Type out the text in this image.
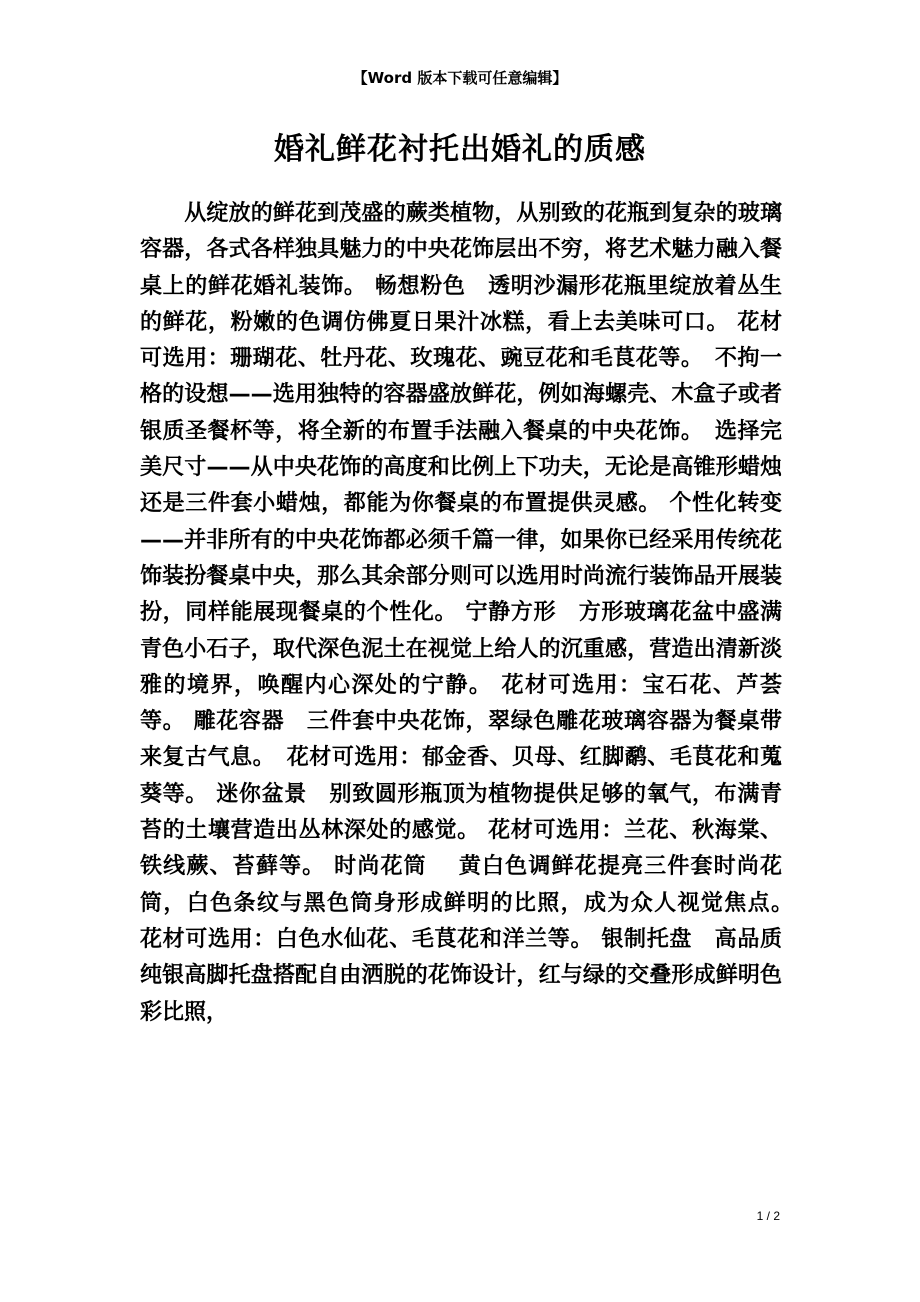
【Word 版本下载可任意编辑】
婚礼鲜花衬托出婚礼的质感

　　从绽放的鲜花到茂盛的蕨类植物，从别致的花瓶到复杂的玻璃容器，各式各样独具魅力的中央花饰层出不穷，将艺术魅力融入餐桌上的鲜花婚礼装饰。 畅想粉色　透明沙漏形花瓶里绽放着丛生的鲜花，粉嫩的色调仿佛夏日果汁冰糕，看上去美味可口。 花材可选用：珊瑚花、牡丹花、玫瑰花、豌豆花和毛茛花等。　不拘一格的设想——选用独特的容器盛放鲜花，例如海螺壳、木盒子或者银质圣餐杯等，将全新的布置手法融入餐桌的中央花饰。　选择完美尺寸——从中央花饰的高度和比例上下功夫，无论是高锥形蜡烛还是三件套小蜡烛，都能为你餐桌的布置提供灵感。 个性化转变——并非所有的中央花饰都必须千篇一律，如果你已经采用传统花饰装扮餐桌中央，那么其余部分则可以选用时尚流行装饰品开展装扮，同样能展现餐桌的个性化。 宁静方形　方形玻璃花盆中盛满青色小石子，取代深色泥土在视觉上给人的沉重感，营造出清新淡雅的境界，唤醒内心深处的宁静。 花材可选用：宝石花、芦荟等。 雕花容器　三件套中央花饰，翠绿色雕花玻璃容器为餐桌带来复古气息。　花材可选用：郁金香、贝母、红脚鹬、毛茛花和蒐葵等。 迷你盆景　别致圆形瓶顶为植物提供足够的氧气，布满青苔的土壤营造出丛林深处的感觉。 花材可选用：兰花、秋海棠、铁线蕨、苔藓等。 时尚花筒　 黄白色调鲜花提亮三件套时尚花筒，白色条纹与黑色筒身形成鲜明的比照，成为众人视觉焦点。　花材可选用：白色水仙花、毛茛花和洋兰等。 银制托盘　高品质纯银高脚托盘搭配自由洒脱的花饰设计，红与绿的交叠形成鲜明色彩比照，

1 / 2
